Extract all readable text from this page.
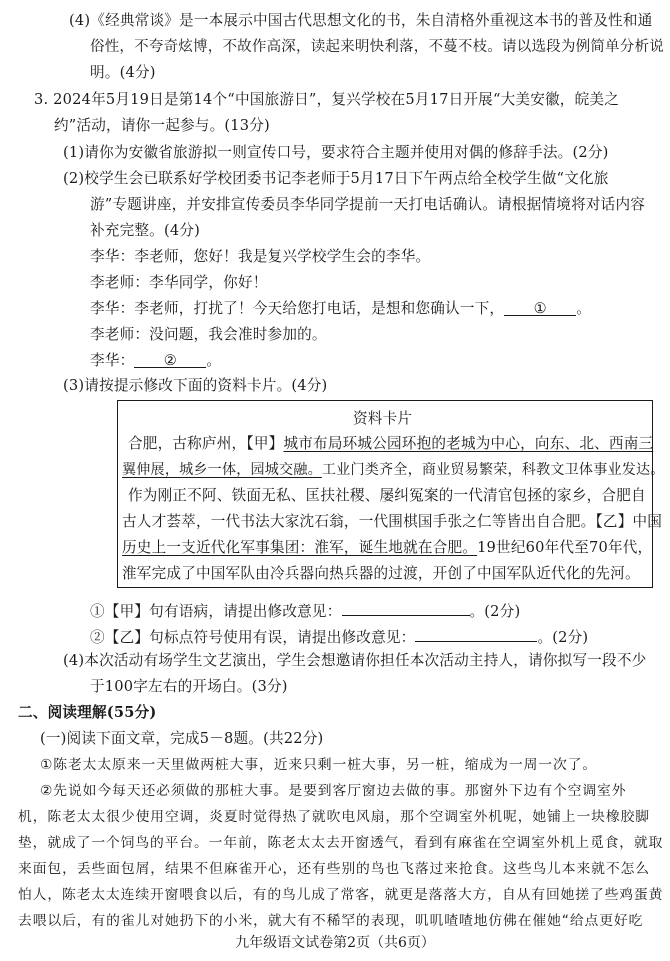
(4)《经典常谈》是一本展示中国古代思想文化的书，朱自清格外重视这本书的普及性和通
俗性，不夸奇炫博，不故作高深，读起来明快利落，不蔓不枝。请以选段为例简单分析说
明。(4分)
3. 2024年5月19日是第14个“中国旅游日”，复兴学校在5月17日开展“大美安徽，皖美之
约”活动，请你一起参与。(13分)
(1)请你为安徽省旅游拟一则宣传口号，要求符合主题并使用对偶的修辞手法。(2分)
(2)校学生会已联系好学校团委书记李老师于5月17日下午两点给全校学生做“文化旅
游”专题讲座，并安排宣传委员李华同学提前一天打电话确认。请根据情境将对话内容
补充完整。(4分)
李华：李老师，您好！我是复兴学校学生会的李华。
李老师：李华同学，你好！
李华：李老师，打扰了！今天给您打电话，是想和您确认一下， ① 。
李老师：没问题，我会准时参加的。
李华： ② 。
(3)请按提示修改下面的资料卡片。(4分)
资料卡片
合肥，古称庐州，【甲】城市布局环城公园环抱的老城为中心，向东、北、西南三
翼伸展，城乡一体，园城交融。工业门类齐全，商业贸易繁荣，科教文卫体事业发达。
作为刚正不阿、铁面无私、匡扶社稷、屡纠冤案的一代清官包拯的家乡，合肥自
古人才荟萃，一代书法大家沈石翁，一代围棋国手张之仁等皆出自合肥。【乙】中国
历史上一支近代化军事集团：淮军，诞生地就在合肥。19世纪60年代至70年代，
淮军完成了中国军队由冷兵器向热兵器的过渡，开创了中国军队近代化的先河。
①【甲】句有语病，请提出修改意见：	。(2分)
②【乙】句标点符号使用有误，请提出修改意见：	。(2分)
(4)本次活动有场学生文艺演出，学生会想邀请你担任本次活动主持人，请你拟写一段不少
于100字左右的开场白。(3分)
二、阅读理解(55分)
(一)阅读下面文章，完成5－8题。(共22分)
①陈老太太原来一天里做两桩大事，近来只剩一桩大事，另一桩，缩成为一周一次了。
②先说如今每天还必须做的那桩大事。是要到客厅窗边去做的事。那窗外下边有个空调室外
机，陈老太太很少使用空调，炎夏时觉得热了就吹电风扇，那个空调室外机呢，她铺上一块橡胶脚
垫，就成了一个饲鸟的平台。一年前，陈老太太去开窗透气，看到有麻雀在空调室外机上觅食，就取
来面包，丢些面包屑，结果不但麻雀开心，还有些别的鸟也飞落过来抢食。这些鸟儿本来就不怎么
怕人，陈老太太连续开窗喂食以后，有的鸟儿成了常客，就更是落落大方，自从有回她搓了些鸡蛋黄
去喂以后，有的雀儿对她扔下的小米，就大有不稀罕的表现，叽叽喳喳地仿佛在催她“给点更好吃
九年级语文试卷第2页（共6页）
